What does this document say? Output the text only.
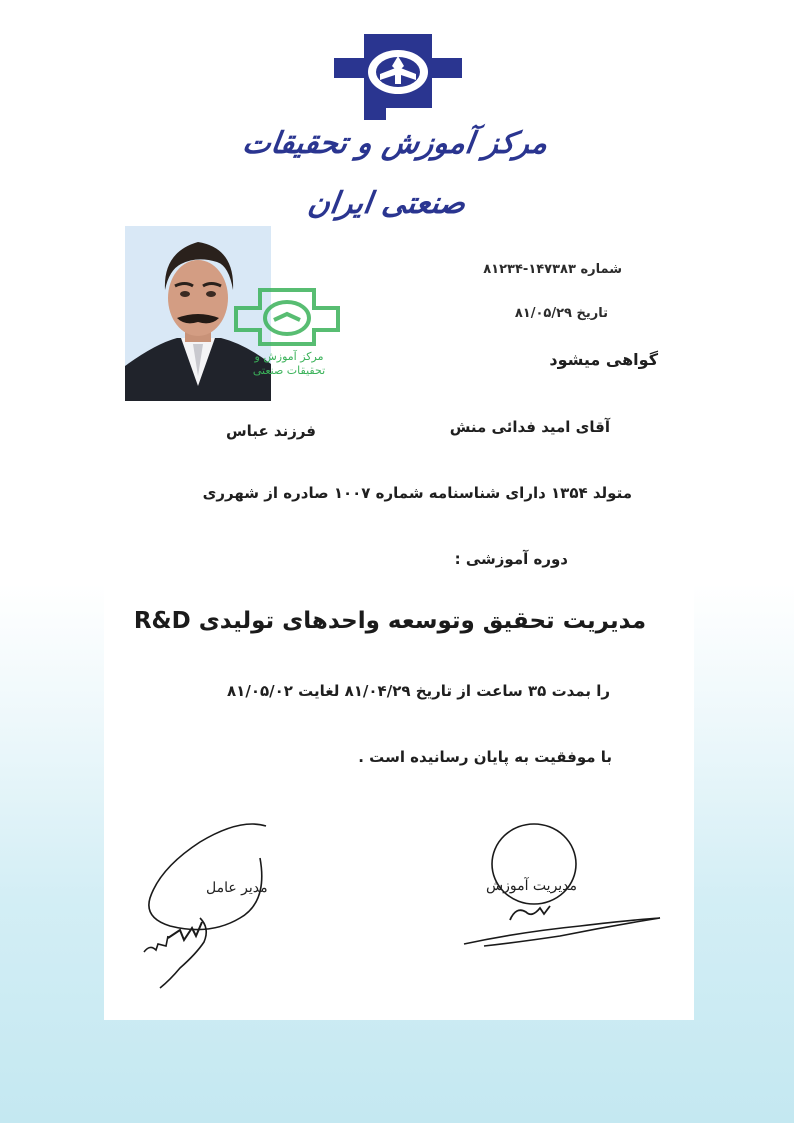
مرکز آموزش و تحقیقات صنعتی ایران
مرکز آموزش و
تحقیقات صنعتی
شماره ۱۴۷۳۸۳-۸۱۲۳۴
تاریخ ۸۱/۰۵/۲۹
گواهی میشود
آقای امید فدائی منش
فرزند عباس
متولد ۱۳۵۴ دارای شناسنامه شماره ۱۰۰۷ صادره از شهرری
دوره آموزشی :
مدیریت تحقیق وتوسعه واحدهای تولیدی R&D
را بمدت ۳۵ ساعت از تاریخ ۸۱/۰۴/۲۹ لغایت ۸۱/۰۵/۰۲
با موفقیت به پایان رسانیده است .
مدیر عامل	مدیریت آموزش
